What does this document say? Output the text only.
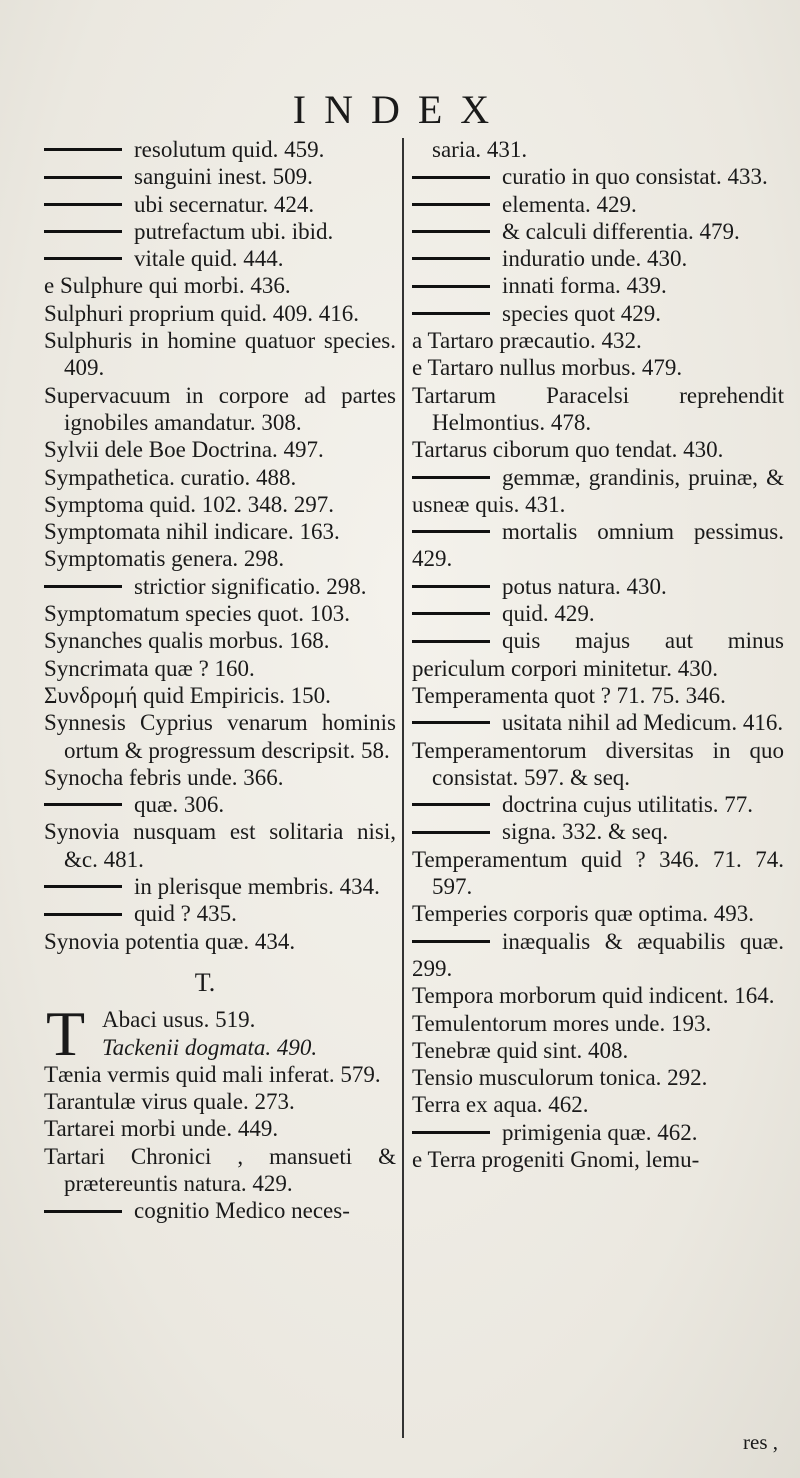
INDEX
resolutum quid. 459.
sanguini inest. 509.
ubi secernatur. 424.
putrefactum ubi. ibid.
vitale quid. 444.
e Sulphure qui morbi. 436.
Sulphuri proprium quid. 409. 416.
Sulphuris in homine quatuor species. 409.
Supervacuum in corpore ad partes ignobiles amandatur. 308.
Sylvii dele Boe Doctrina. 497.
Sympathetica. curatio. 488.
Symptoma quid. 102. 348. 297.
Symptomata nihil indicare. 163.
Symptomatis genera. 298.
strictior significatio. 298.
Symptomatum species quot. 103.
Synanches qualis morbus. 168.
Syncrimata quæ ? 160.
Συνδρομή quid Empiricis. 150.
Synnesis Cyprius venarum hominis ortum & progressum descripsit. 58.
Synocha febris unde. 366.
quæ. 306.
Synovia nusquam est solitaria nisi, &c. 481.
in plerisque membris. 434.
quid ? 435.
Synovia potentia quæ. 434.
T.
T Abaci usus. 519.
Tackenii dogmata. 490.
Tænia vermis quid mali inferat. 579.
Tarantulæ virus quale. 273.
Tartarei morbi unde. 449.
Tartari Chronici , mansueti & prætereuntis natura. 429.
cognitio Medico neces-
saria. 431.
curatio in quo consistat. 433.
elementa. 429.
& calculi differentia. 479.
induratio unde. 430.
innati forma. 439.
species quot 429.
a Tartaro præcautio. 432.
e Tartaro nullus morbus. 479.
Tartarum Paracelsi reprehendit Helmontius. 478.
Tartarus ciborum quo tendat. 430.
gemmæ, grandinis, pruinæ, & usneæ quis. 431.
mortalis omnium pessimus. 429.
potus natura. 430.
quid. 429.
quis majus aut minus periculum corpori minitetur. 430.
Temperamenta quot ? 71. 75. 346.
usitata nihil ad Medicum. 416.
Temperamentorum diversitas in quo consistat. 597. & seq.
doctrina cujus utilitatis. 77.
signa. 332. & seq.
Temperamentum quid ? 346. 71. 74. 597.
Temperies corporis quæ optima. 493.
inæqualis & æquabilis quæ. 299.
Tempora morborum quid indicent. 164.
Temulentorum mores unde. 193.
Tenebræ quid sint. 408.
Tensio musculorum tonica. 292.
Terra ex aqua. 462.
primigenia quæ. 462.
e Terra progeniti Gnomi, lemu-
res ,
